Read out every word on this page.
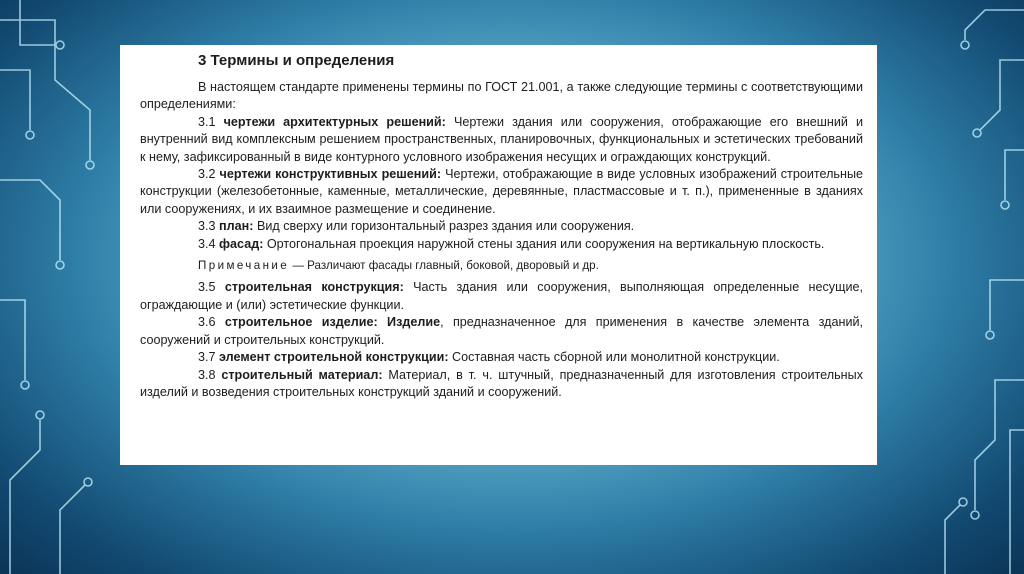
3 Термины и определения

В настоящем стандарте применены термины по ГОСТ 21.001, а также следующие термины с соответствующими определениями:

3.1 чертежи архитектурных решений: Чертежи здания или сооружения, отображающие его внешний и внутренний вид комплексным решением пространственных, планировочных, функциональных и эстетических требований к нему, зафиксированный в виде контурного условного изображения несущих и ограждающих конструкций.

3.2 чертежи конструктивных решений: Чертежи, отображающие в виде условных изображений строительные конструкции (железобетонные, каменные, металлические, деревянные, пластмассовые и т. п.), примененные в зданиях или сооружениях, и их взаимное размещение и соединение.

3.3 план: Вид сверху или горизонтальный разрез здания или сооружения.

3.4 фасад: Ортогональная проекция наружной стены здания или сооружения на вертикальную плоскость.

Примечание — Различают фасады главный, боковой, дворовый и др.

3.5 строительная конструкция: Часть здания или сооружения, выполняющая определенные несущие, ограждающие и (или) эстетические функции.

3.6 строительное изделие: Изделие, предназначенное для применения в качестве элемента зданий, сооружений и строительных конструкций.

3.7 элемент строительной конструкции: Составная часть сборной или монолитной конструкции.

3.8 строительный материал: Материал, в т. ч. штучный, предназначенный для изготовления строительных изделий и возведения строительных конструкций зданий и сооружений.
